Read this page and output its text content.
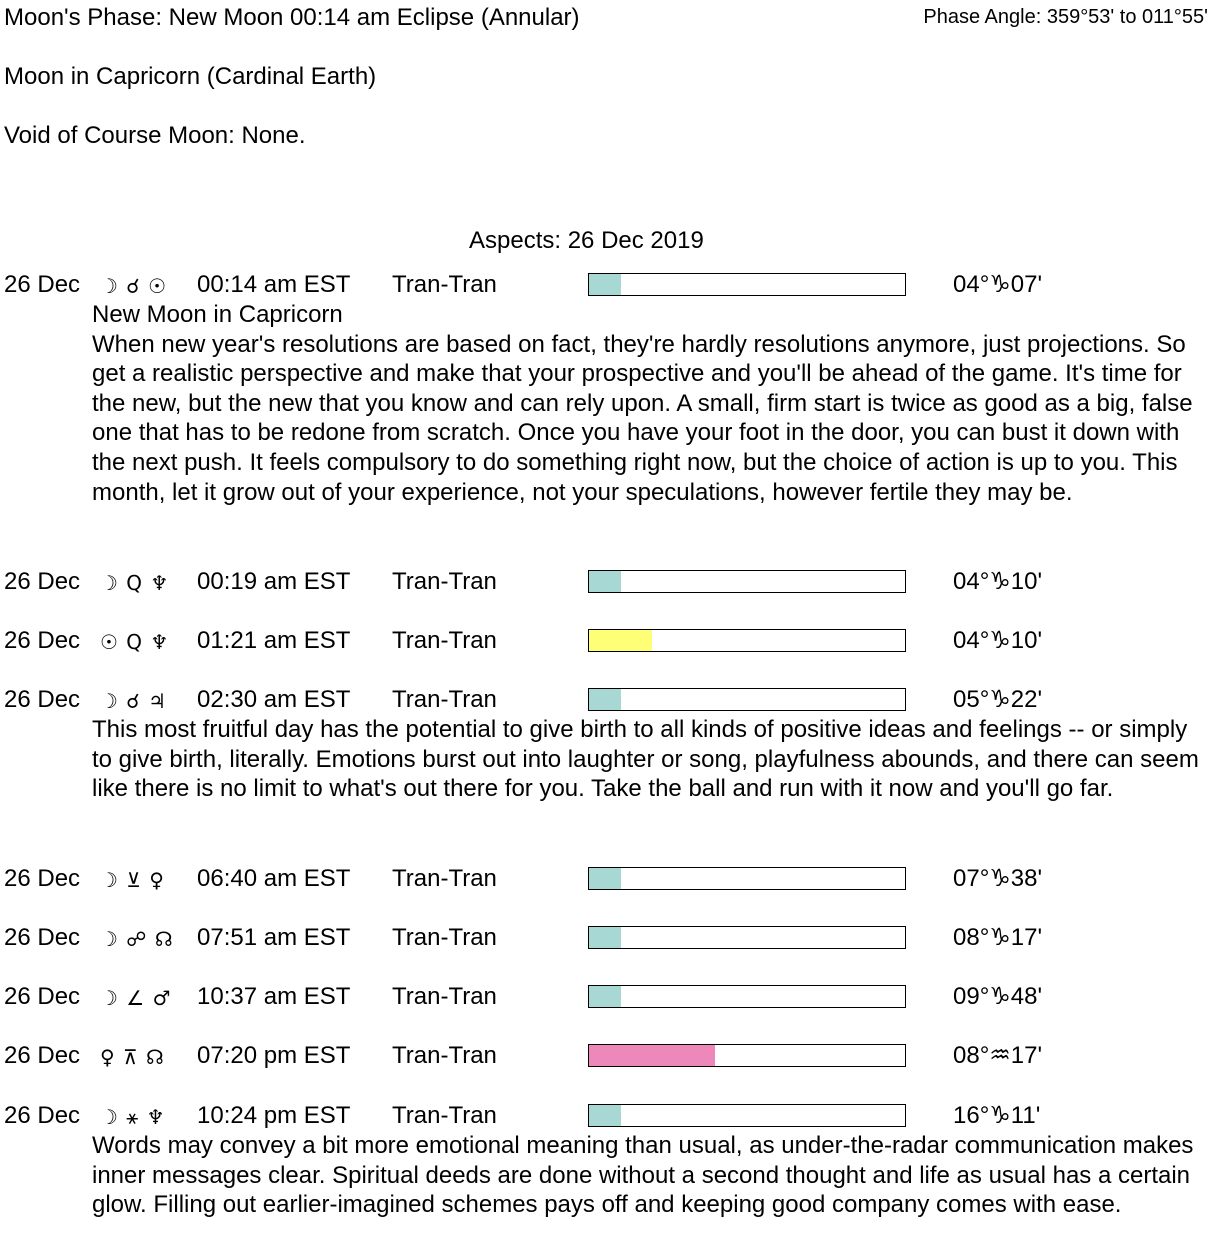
Moon's Phase: New Moon 00:14 am Eclipse (Annular)	Phase Angle: 359°53' to 011°55'
Moon in Capricorn (Cardinal Earth)
Void of Course Moon: None.
Aspects: 26 Dec 2019
26 Dec ☽ ☌ ☉ 00:14 am EST Tran-Tran	04°♑07'

New Moon in Capricorn

When new year's resolutions are based on fact, they're hardly resolutions anymore, just projections. So get a realistic perspective and make that your prospective and you'll be ahead of the game. It's time for the new, but the new that you know and can rely upon. A small, firm start is twice as good as a big, false one that has to be redone from scratch. Once you have your foot in the door, you can bust it down with the next push. It feels compulsory to do something right now, but the choice of action is up to you. This month, let it grow out of your experience, not your speculations, however fertile they may be.

26 Dec ☽ Q ♆ 00:19 am EST Tran-Tran	04°♑10'
26 Dec ☉ Q ♆ 01:21 am EST Tran-Tran	04°♑10'
26 Dec ☽ ☌ ♃ 02:30 am EST Tran-Tran	05°♑22'

This most fruitful day has the potential to give birth to all kinds of positive ideas and feelings -- or simply to give birth, literally. Emotions burst out into laughter or song, playfulness abounds, and there can seem like there is no limit to what's out there for you. Take the ball and run with it now and you'll go far.

26 Dec ☽ ⊻ ♀ 06:40 am EST Tran-Tran	07°♑38'
26 Dec ☽ ☍ ☊ 07:51 am EST Tran-Tran	08°♑17'
26 Dec ☽ ∠ ♂ 10:37 am EST Tran-Tran	09°♑48'
26 Dec ♀ ⊼ ☊ 07:20 pm EST Tran-Tran	08°♒17'
26 Dec ☽ ⚹ ♆ 10:24 pm EST Tran-Tran	16°♑11'

Words may convey a bit more emotional meaning than usual, as under-the-radar communication makes inner messages clear. Spiritual deeds are done without a second thought and life as usual has a certain glow. Filling out earlier-imagined schemes pays off and keeping good company comes with ease.
